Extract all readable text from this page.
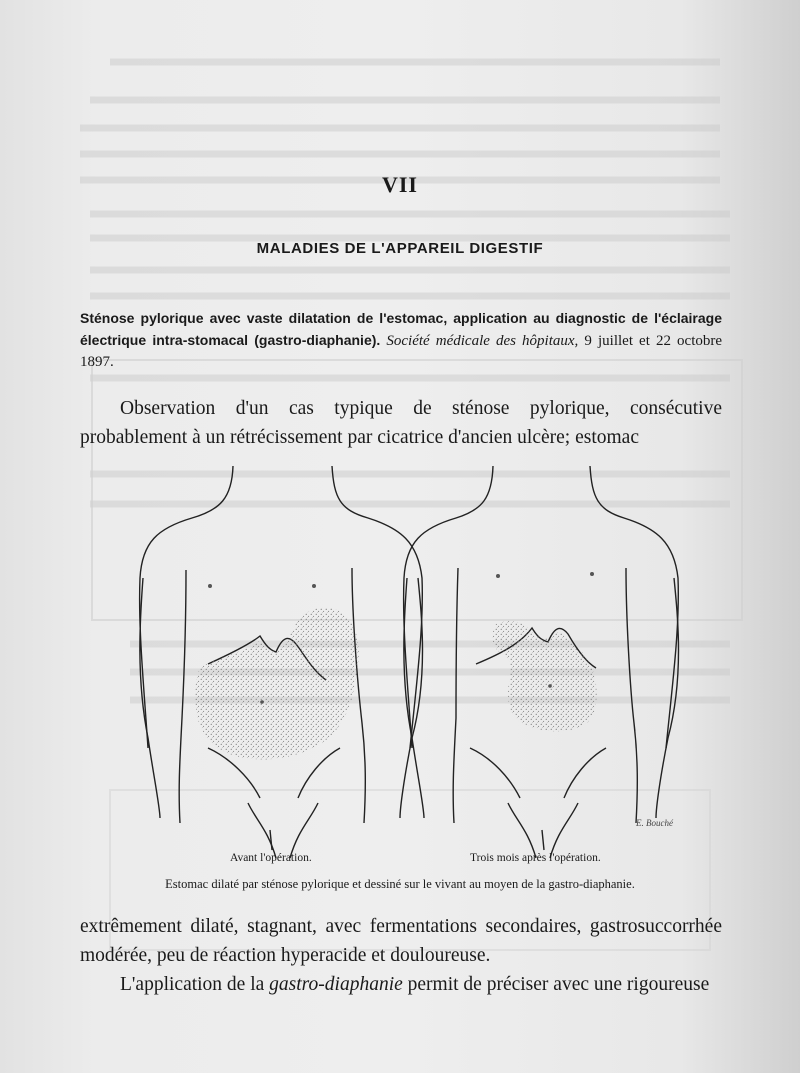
VII
MALADIES DE L'APPAREIL DIGESTIF
Sténose pylorique avec vaste dilatation de l'estomac, application au diagnostic de l'éclairage électrique intra-stomacal (gastro-diaphanie). Société médicale des hôpitaux, 9 juillet et 22 octobre 1897.
Observation d'un cas typique de sténose pylorique, consécutive probablement à un rétrécissement par cicatrice d'ancien ulcère; estomac
Avant l'opération.	Trois mois après l'opération.
E. Bouché
Estomac dilaté par sténose pylorique et dessiné sur le vivant au moyen de la gastro-diaphanie.
extrêmement dilaté, stagnant, avec fermentations secondaires, gastrosuccorrhée modérée, peu de réaction hyperacide et douloureuse.
L'application de la gastro-diaphanie permit de préciser avec une rigoureuse
